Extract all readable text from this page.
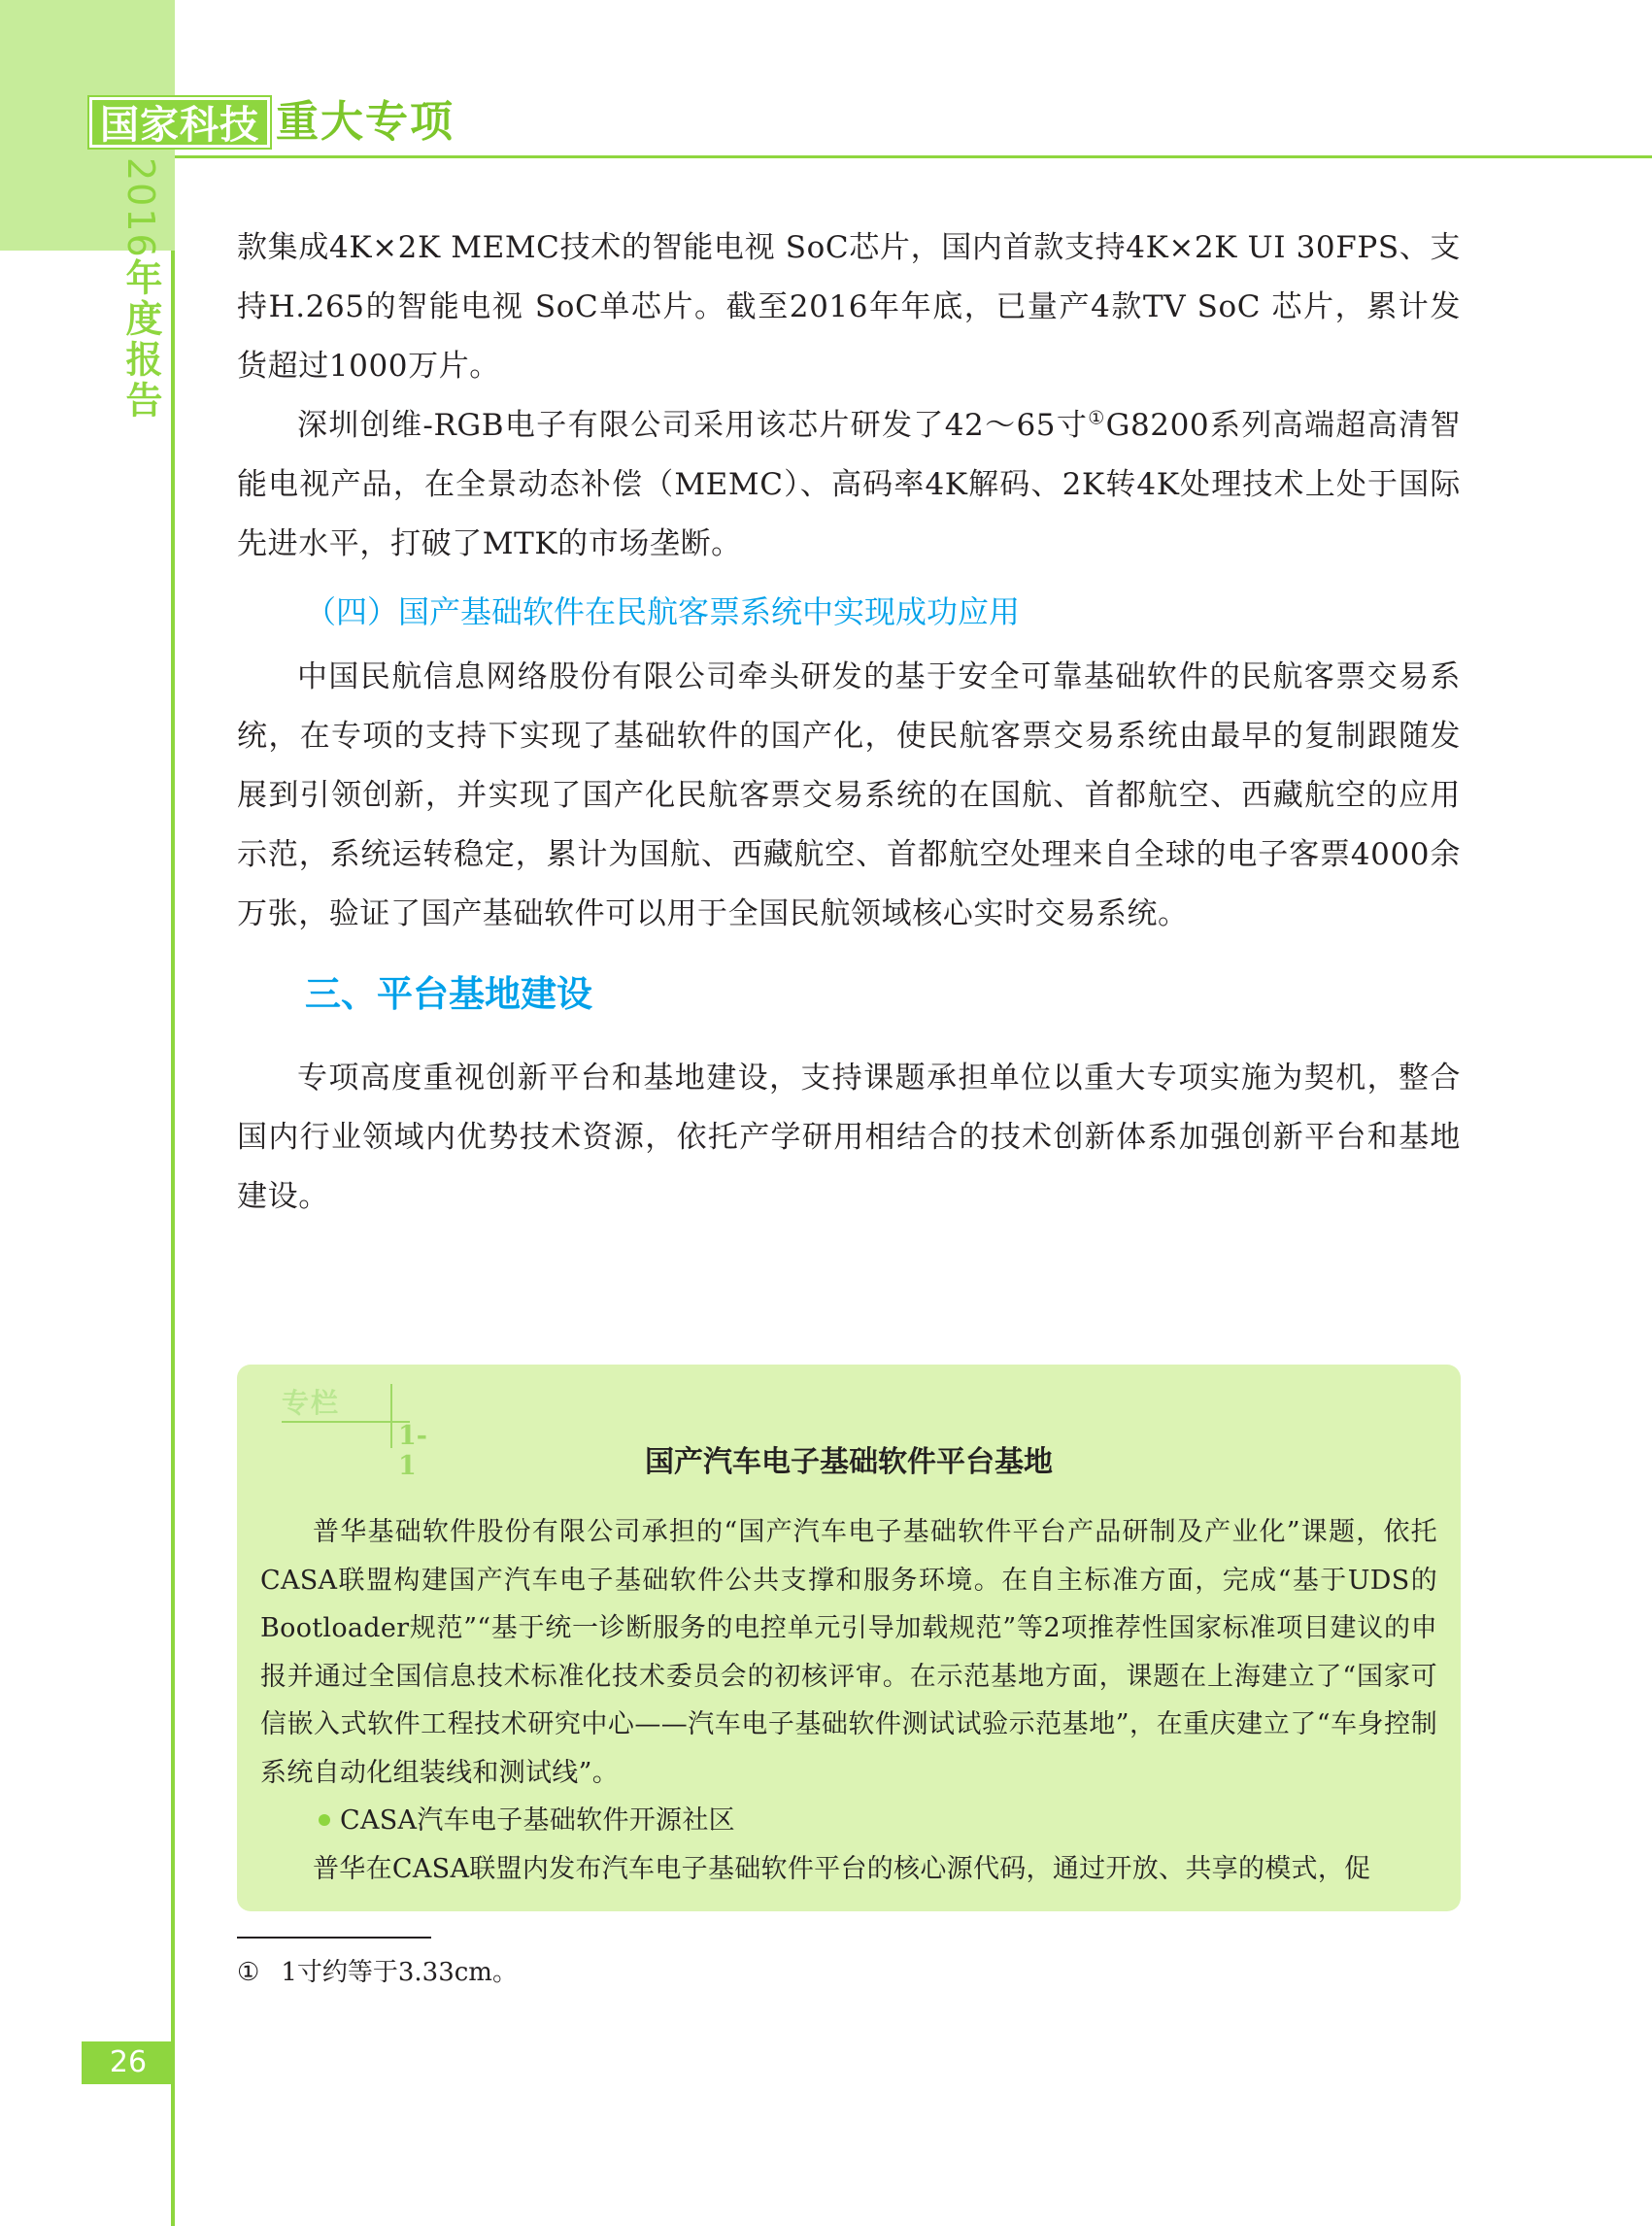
国家科技 重大专项
2016
年度报告

款集成4K×2K MEMC技术的智能电视 SoC芯片，国内首款支持4K×2K UI 30FPS、支持H.265的智能电视 SoC单芯片。截至2016年年底，已量产4款TV SoC 芯片，累计发货超过1000万片。

深圳创维-RGB电子有限公司采用该芯片研发了42～65寸①G8200系列高端超高清智能电视产品，在全景动态补偿（MEMC）、高码率4K解码、2K转4K处理技术上处于国际先进水平，打破了MTK的市场垄断。

（四）国产基础软件在民航客票系统中实现成功应用

中国民航信息网络股份有限公司牵头研发的基于安全可靠基础软件的民航客票交易系统，在专项的支持下实现了基础软件的国产化，使民航客票交易系统由最早的复制跟随发展到引领创新，并实现了国产化民航客票交易系统的在国航、首都航空、西藏航空的应用示范，系统运转稳定，累计为国航、西藏航空、首都航空处理来自全球的电子客票4000余万张，验证了国产基础软件可以用于全国民航领域核心实时交易系统。

三、平台基地建设

专项高度重视创新平台和基地建设，支持课题承担单位以重大专项实施为契机，整合国内行业领域内优势技术资源，依托产学研用相结合的技术创新体系加强创新平台和基地建设。

专栏
1-1	国产汽车电子基础软件平台基地

普华基础软件股份有限公司承担的“国产汽车电子基础软件平台产品研制及产业化”课题，依托CASA联盟构建国产汽车电子基础软件公共支撑和服务环境。在自主标准方面，完成“基于UDS的Bootloader规范”“基于统一诊断服务的电控单元引导加载规范”等2项推荐性国家标准项目建议的申报并通过全国信息技术标准化技术委员会的初核评审。在示范基地方面，课题在上海建立了“国家可信嵌入式软件工程技术研究中心——汽车电子基础软件测试试验示范基地”，在重庆建立了“车身控制系统自动化组装线和测试线”。

CASA汽车电子基础软件开源社区

普华在CASA联盟内发布汽车电子基础软件平台的核心源代码，通过开放、共享的模式，促

① 1寸约等于3.33cm。
26
